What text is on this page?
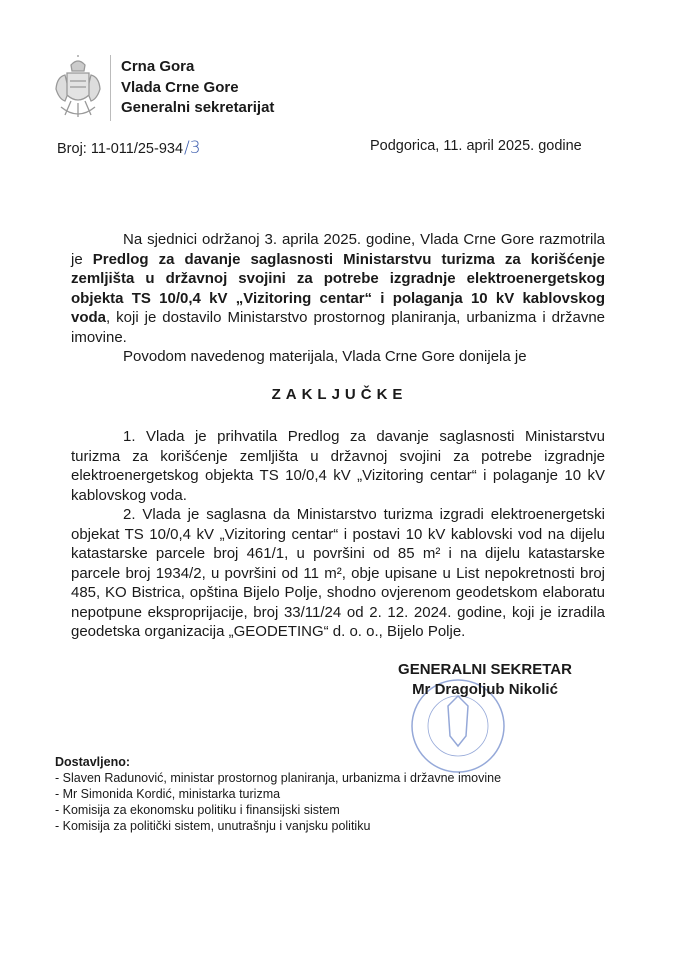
Crna Gora
Vlada Crne Gore
Generalni sekretarijat
Broj: 11-011/25-934/3	Podgorica, 11. april 2025. godine
Na sjednici održanoj 3. aprila 2025. godine, Vlada Crne Gore razmotrila je Predlog za davanje saglasnosti Ministarstvu turizma za korišćenje zemljišta u državnoj svojini za potrebe izgradnje elektroenergetskog objekta TS 10/0,4 kV „Vizitoring centar“ i polaganja 10 kV kablovskog voda, koji je dostavilo Ministarstvo prostornog planiranja, urbanizma i državne imovine.
Povodom navedenog materijala, Vlada Crne Gore donijela je
ZAKLJUČKE
1. Vlada je prihvatila Predlog za davanje saglasnosti Ministarstvu turizma za korišćenje zemljišta u državnoj svojini za potrebe izgradnje elektroenergetskog objekta TS 10/0,4 kV „Vizitoring centar“ i polaganje 10 kV kablovskog voda.
2. Vlada je saglasna da Ministarstvo turizma izgradi elektroenergetski objekat TS 10/0,4 kV „Vizitoring centar“ i postavi 10 kV kablovski vod na dijelu katastarske parcele broj 461/1, u površini od 85 m² i na dijelu katastarske parcele broj 1934/2, u površini od 11 m², obje upisane u List nepokretnosti broj 485, KO Bistrica, opština Bijelo Polje, shodno ovjerenom geodetskom elaboratu nepotpune eksproprijacije, broj 33/11/24 od 2. 12. 2024. godine, koji je izradila geodetska organizacija „GEODETING“ d. o. o., Bijelo Polje.
GENERALNI SEKRETAR
Mr Dragoljub Nikolić
Dostavljeno:
- Slaven Radunović, ministar prostornog planiranja, urbanizma i državne imovine
- Mr Simonida Kordić, ministarka turizma
- Komisija za ekonomsku politiku i finansijski sistem
- Komisija za politički sistem, unutrašnju i vanjsku politiku
